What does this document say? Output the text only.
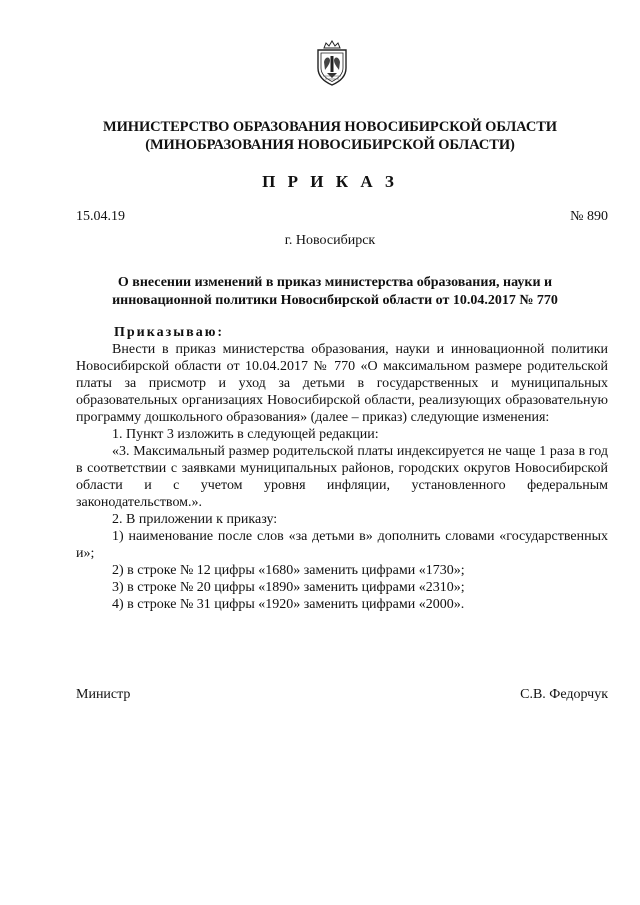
МИНИСТЕРСТВО ОБРАЗОВАНИЯ НОВОСИБИРСКОЙ ОБЛАСТИ
(МИНОБРАЗОВАНИЯ НОВОСИБИРСКОЙ ОБЛАСТИ)
П Р И К А З
15.04.19	№ 890
г. Новосибирск
О внесении изменений в приказ министерства образования, науки и
инновационной политики Новосибирской области от 10.04.2017 № 770

Приказываю:

Внести в приказ министерства образования, науки и инновационной политики Новосибирской области от 10.04.2017 № 770 «О максимальном размере родительской платы за присмотр и уход за детьми в государственных и муниципальных образовательных организациях Новосибирской области, реализующих образовательную программу дошкольного образования» (далее – приказ) следующие изменения:

1. Пункт 3 изложить в следующей редакции:

«3. Максимальный размер родительской платы индексируется не чаще 1 раза в год в соответствии с заявками муниципальных районов, городских округов Новосибирской области и с учетом уровня инфляции, установленного федеральным законодательством.».

2. В приложении к приказу:

1) наименование после слов «за детьми в» дополнить словами «государственных и»;

2) в строке № 12 цифры «1680» заменить цифрами «1730»;

3) в строке № 20 цифры «1890» заменить цифрами «2310»;

4) в строке № 31 цифры «1920» заменить цифрами «2000».

Министр	С.В. Федорчук
